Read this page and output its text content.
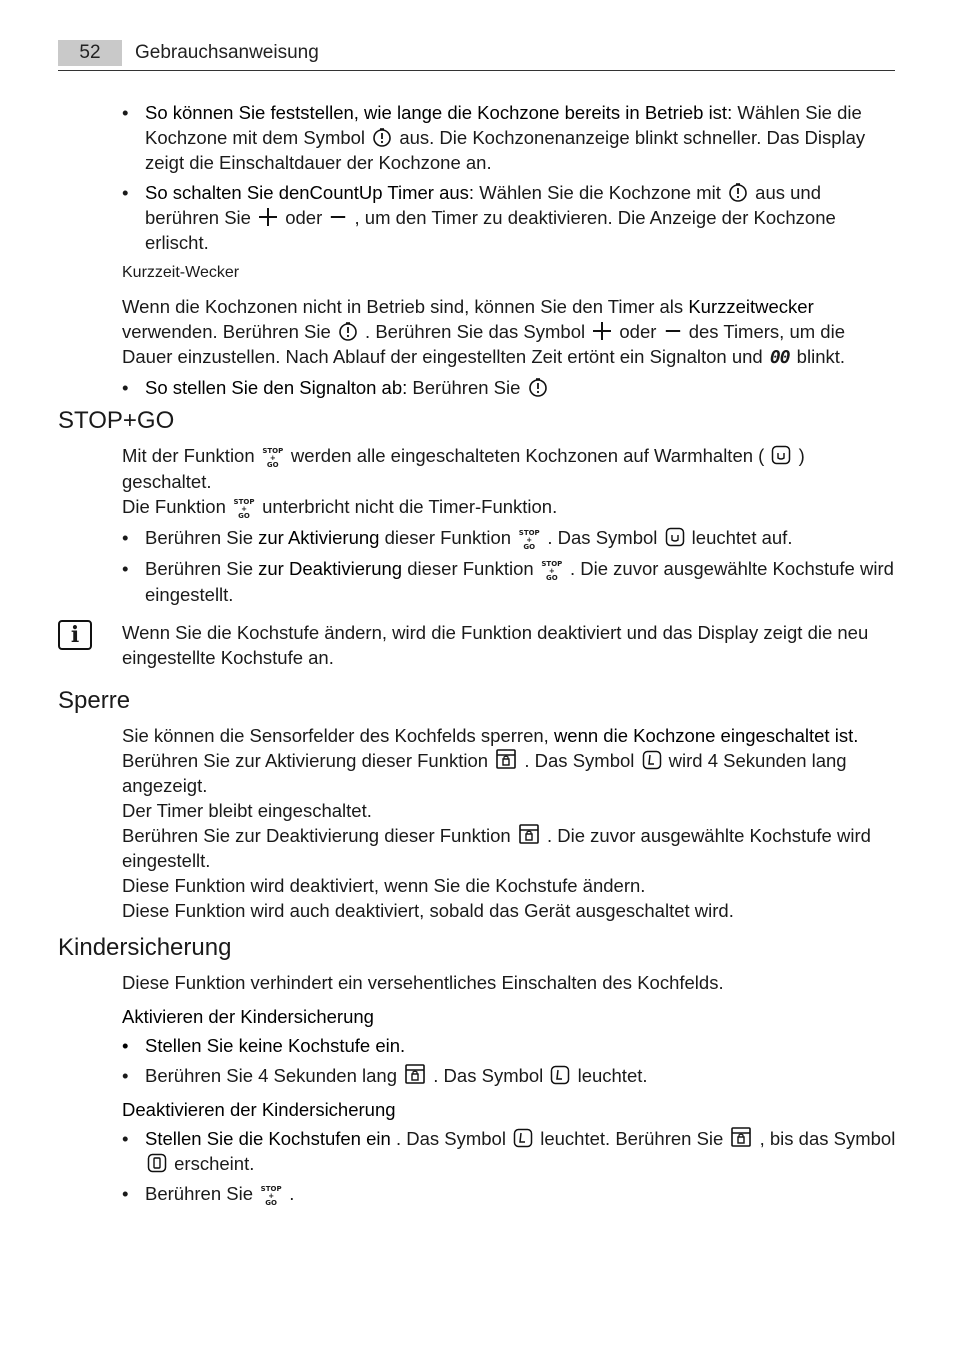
52	Gebrauchsanweisung
• So können Sie feststellen, wie lange die Kochzone bereits in Betrieb ist: Wählen Sie die Kochzone mit dem Symbol  aus. Die Kochzonenanzeige blinkt schneller. Das Display zeigt die Einschaltdauer der Kochzone an.
• So schalten Sie denCountUp Timer aus: Wählen Sie die Kochzone mit  aus und berühren Sie  oder  , um den Timer zu deaktivieren. Die Anzeige der Kochzone erlischt.
Kurzzeit-Wecker

Wenn die Kochzonen nicht in Betrieb sind, können Sie den Timer als Kurzzeitwecker verwenden. Berühren Sie  . Berühren Sie das Symbol  oder  des Timers, um die Dauer einzustellen. Nach Ablauf der eingestellten Zeit ertönt ein Signalton und 00 blinkt.

• So stellen Sie den Signalton ab: Berühren Sie
STOP+GO

Mit der Funktion STOP
+
GO werden alle eingeschalteten Kochzonen auf Warmhalten (  ) geschaltet.

Die Funktion STOP
+
GO unterbricht nicht die Timer-Funktion.

• Berühren Sie zur Aktivierung dieser Funktion STOP
+
GO . Das Symbol  leuchtet auf.
• Berühren Sie zur Deaktivierung dieser Funktion STOP
+
GO . Die zuvor ausgewählte Kochstufe wird eingestellt.
i	Wenn Sie die Kochstufe ändern, wird die Funktion deaktiviert und das Display zeigt die neu eingestellte Kochstufe an.

Sperre

Sie können die Sensorfelder des Kochfelds sperren, wenn die Kochzone eingeschaltet ist.

Berühren Sie zur Aktivierung dieser Funktion  . Das Symbol  wird 4 Sekunden lang angezeigt.

Der Timer bleibt eingeschaltet.

Berühren Sie zur Deaktivierung dieser Funktion  . Die zuvor ausgewählte Kochstufe wird eingestellt.

Diese Funktion wird deaktiviert, wenn Sie die Kochstufe ändern.

Diese Funktion wird auch deaktiviert, sobald das Gerät ausgeschaltet wird.

Kindersicherung

Diese Funktion verhindert ein versehentliches Einschalten des Kochfelds.

Aktivieren der Kindersicherung

• Stellen Sie keine Kochstufe ein.
• Berühren Sie 4 Sekunden lang  . Das Symbol  leuchtet.

Deaktivieren der Kindersicherung

• Stellen Sie die Kochstufen ein . Das Symbol  leuchtet. Berühren Sie  , bis das Symbol  erscheint.
• Berühren Sie STOP
+
GO .
